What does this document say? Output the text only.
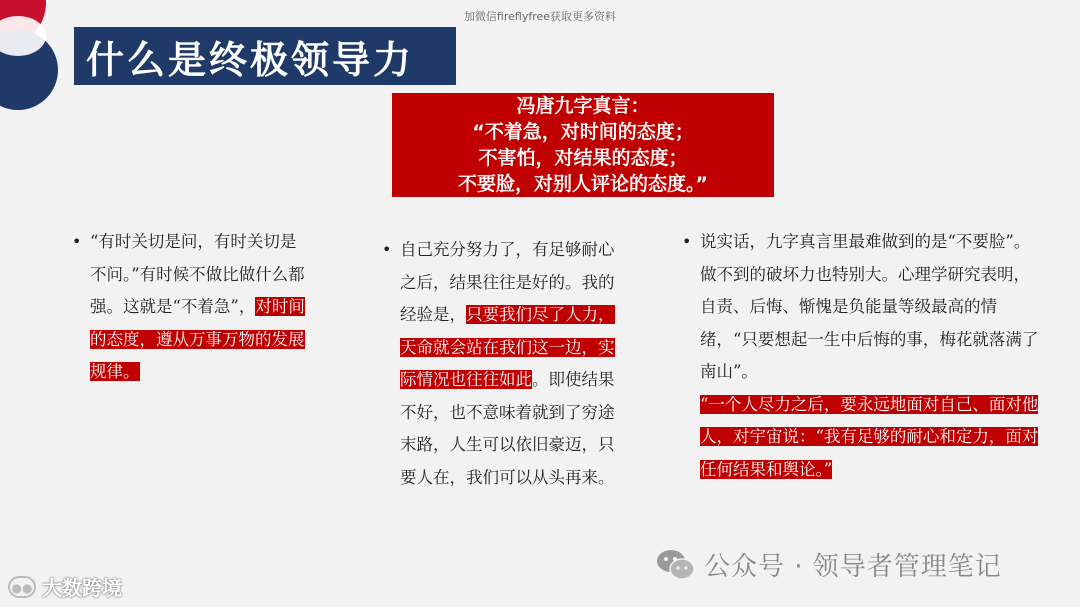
加微信fireflyfree获取更多资料
什么是终极领导力
冯唐九字真言：
“不着急，对时间的态度；
不害怕，对结果的态度；
不要脸，对别人评论的态度。”
• “有时关切是问，有时关切是不问。”有时候不做比做什么都强。这就是“不着急”，对时间的态度，遵从万事万物的发展规律。
• 自己充分努力了，有足够耐心之后，结果往往是好的。我的经验是，只要我们尽了人力，天命就会站在我们这一边，实际情况也往往如此。即使结果不好，也不意味着就到了穷途末路，人生可以依旧豪迈，只要人在，我们可以从头再来。
• 说实话，九字真言里最难做到的是“不要脸”。做不到的破坏力也特别大。心理学研究表明，自责、后悔、惭愧是负能量等级最高的情绪，“只要想起一生中后悔的事，梅花就落满了南山”。
“一个人尽力之后，要永远地面对自己、面对他人，对宇宙说：“我有足够的耐心和定力，面对任何结果和舆论。”
●● 大数跨境
公众号 · 领导者管理笔记
